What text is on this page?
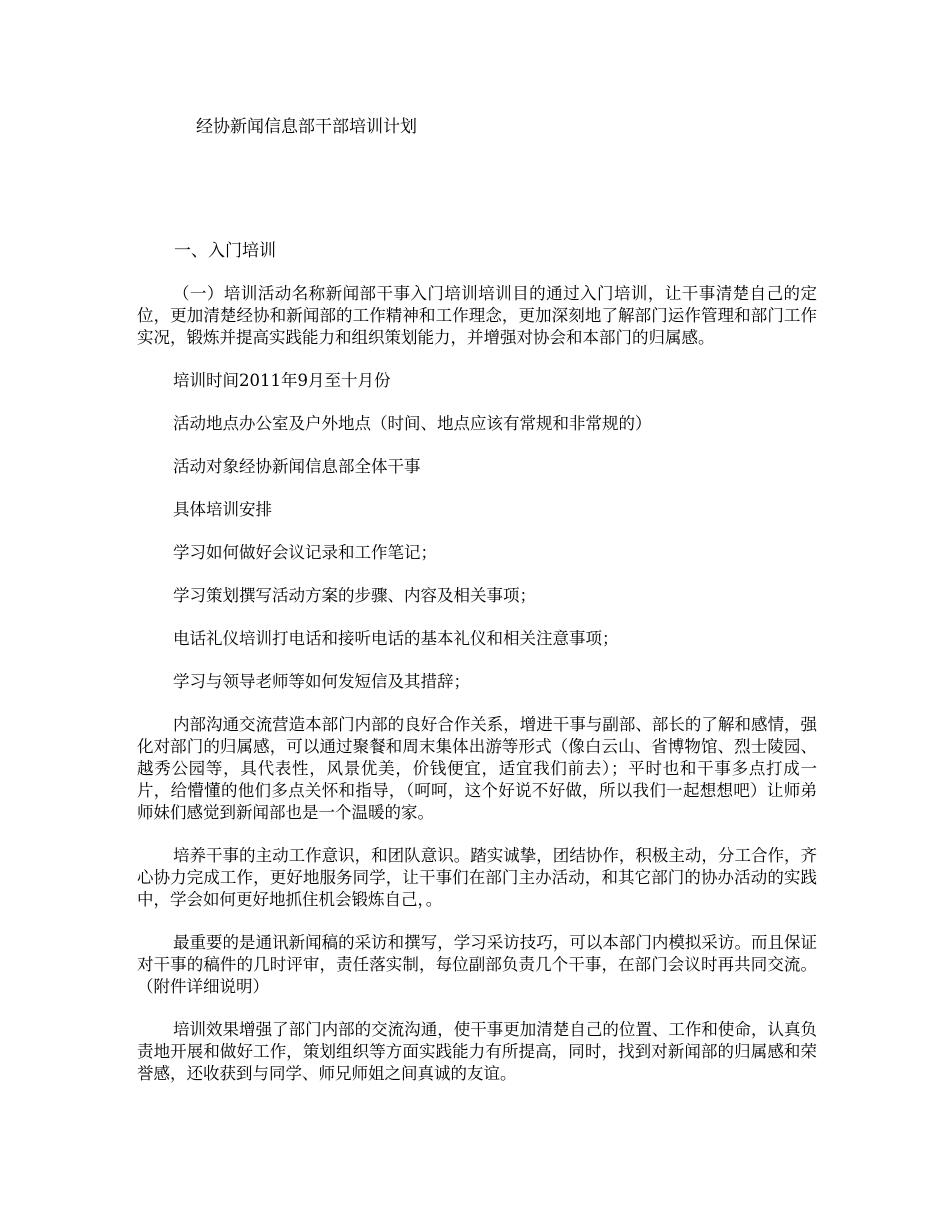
经协新闻信息部干部培训计划
一、入门培训

（一）培训活动名称新闻部干事入门培训培训目的通过入门培训，让干事清楚自己的定位，更加清楚经协和新闻部的工作精神和工作理念，更加深刻地了解部门运作管理和部门工作实况，锻炼并提高实践能力和组织策划能力，并增强对协会和本部门的归属感。

培训时间2011年9月至十月份

活动地点办公室及户外地点（时间、地点应该有常规和非常规的）

活动对象经协新闻信息部全体干事

具体培训安排

学习如何做好会议记录和工作笔记；

学习策划撰写活动方案的步骤、内容及相关事项；

电话礼仪培训打电话和接听电话的基本礼仪和相关注意事项；

学习与领导老师等如何发短信及其措辞；

内部沟通交流营造本部门内部的良好合作关系，增进干事与副部、部长的了解和感情，强化对部门的归属感，可以通过聚餐和周末集体出游等形式（像白云山、省博物馆、烈士陵园、越秀公园等，具代表性，风景优美，价钱便宜，适宜我们前去）；平时也和干事多点打成一片，给懵懂的他们多点关怀和指导，（呵呵，这个好说不好做，所以我们一起想想吧）让师弟师妹们感觉到新闻部也是一个温暖的家。

培养干事的主动工作意识，和团队意识。踏实诚挚，团结协作，积极主动，分工合作，齐心协力完成工作，更好地服务同学，让干事们在部门主办活动，和其它部门的协办活动的实践中，学会如何更好地抓住机会锻炼自己，。

最重要的是通讯新闻稿的采访和撰写，学习采访技巧，可以本部门内模拟采访。而且保证对干事的稿件的几时评审，责任落实制，每位副部负责几个干事，在部门会议时再共同交流。（附件详细说明）

培训效果增强了部门内部的交流沟通，使干事更加清楚自己的位置、工作和使命，认真负责地开展和做好工作，策划组织等方面实践能力有所提高，同时，找到对新闻部的归属感和荣誉感，还收获到与同学、师兄师姐之间真诚的友谊。
